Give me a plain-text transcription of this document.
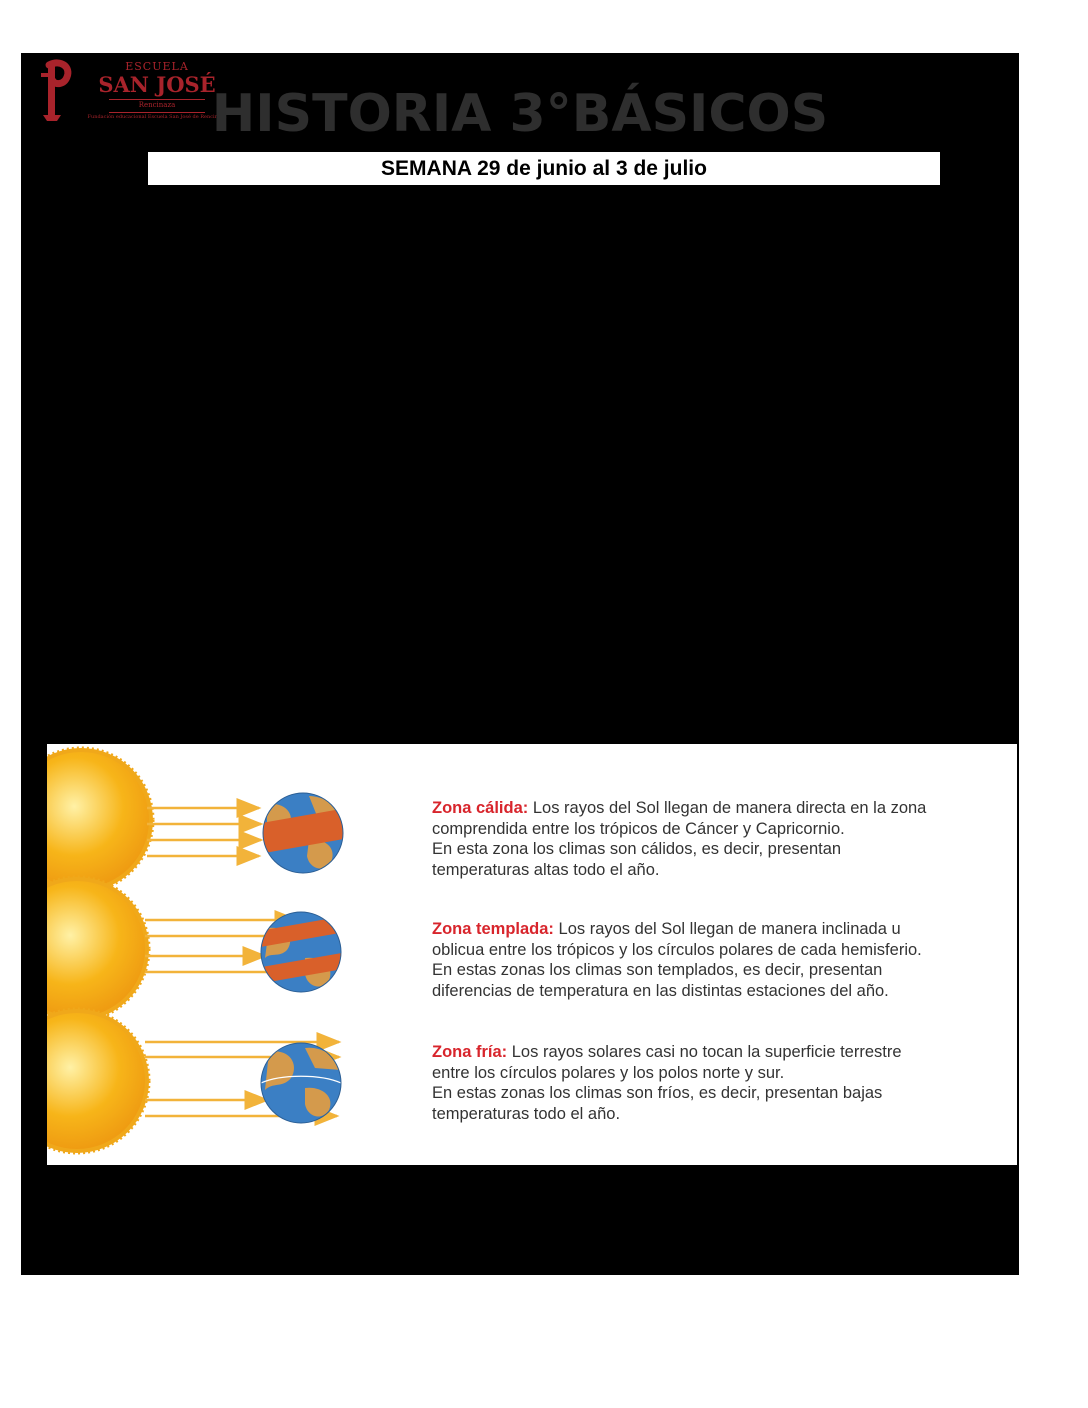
ESCUELA
SAN JOSÉ
Rencinaza
Fundación educacional Escuela San José de Rencinaza
HISTORIA 3°BÁSICOS
SEMANA 29 de junio al 3 de julio
Zona cálida: Los rayos del Sol llegan de manera directa en la zona
comprendida entre los trópicos de Cáncer y Capricornio.
En esta zona los climas son cálidos, es decir, presentan
temperaturas altas todo el año.
Zona templada: Los rayos del Sol llegan de manera inclinada u
oblicua entre los trópicos y los círculos polares de cada hemisferio.
En estas zonas los climas son templados, es decir, presentan
diferencias de temperatura en las distintas estaciones del año.
Zona fría: Los rayos solares casi no tocan la superficie terrestre
entre los círculos polares y los polos norte y sur.
En estas zonas los climas son fríos, es decir, presentan bajas
temperaturas todo el año.
